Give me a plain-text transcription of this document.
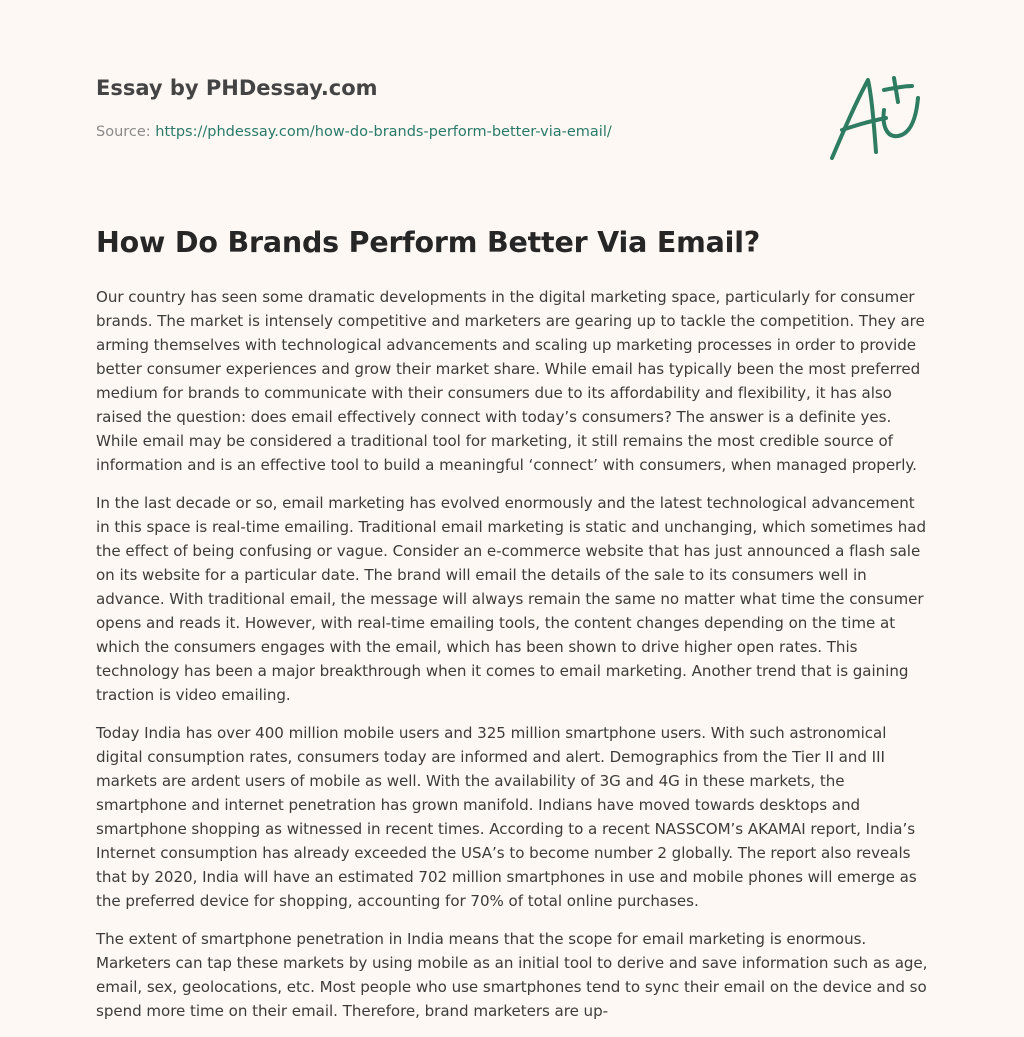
Essay by PHDessay.com
Source: https://phdessay.com/how-do-brands-perform-better-via-email/
How Do Brands Perform Better Via Email?

Our country has seen some dramatic developments in the digital marketing space, particularly for consumer brands. The market is intensely competitive and marketers are gearing up to tackle the competition. They are arming themselves with technological advancements and scaling up marketing processes in order to provide better consumer experiences and grow their market share. While email has typically been the most preferred medium for brands to communicate with their consumers due to its affordability and flexibility, it has also raised the question: does email effectively connect with today’s consumers? The answer is a definite yes. While email may be considered a traditional tool for marketing, it still remains the most credible source of information and is an effective tool to build a meaningful ‘connect’ with consumers, when managed properly.

In the last decade or so, email marketing has evolved enormously and the latest technological advancement in this space is real-time emailing. Traditional email marketing is static and unchanging, which sometimes had the effect of being confusing or vague. Consider an e-commerce website that has just announced a flash sale on its website for a particular date. The brand will email the details of the sale to its consumers well in advance. With traditional email, the message will always remain the same no matter what time the consumer opens and reads it. However, with real-time emailing tools, the content changes depending on the time at which the consumers engages with the email, which has been shown to drive higher open rates. This technology has been a major breakthrough when it comes to email marketing. Another trend that is gaining traction is video emailing.

Today India has over 400 million mobile users and 325 million smartphone users. With such astronomical digital consumption rates, consumers today are informed and alert. Demographics from the Tier II and III markets are ardent users of mobile as well. With the availability of 3G and 4G in these markets, the smartphone and internet penetration has grown manifold. Indians have moved towards desktops and smartphone shopping as witnessed in recent times. According to a recent NASSCOM’s AKAMAI report, India’s Internet consumption has already exceeded the USA’s to become number 2 globally. The report also reveals that by 2020, India will have an estimated 702 million smartphones in use and mobile phones will emerge as the preferred device for shopping, accounting for 70% of total online purchases.

The extent of smartphone penetration in India means that the scope for email marketing is enormous. Marketers can tap these markets by using mobile as an initial tool to derive and save information such as age, email, sex, geolocations, etc. Most people who use smartphones tend to sync their email on the device and so spend more time on their email. Therefore, brand marketers are up-
